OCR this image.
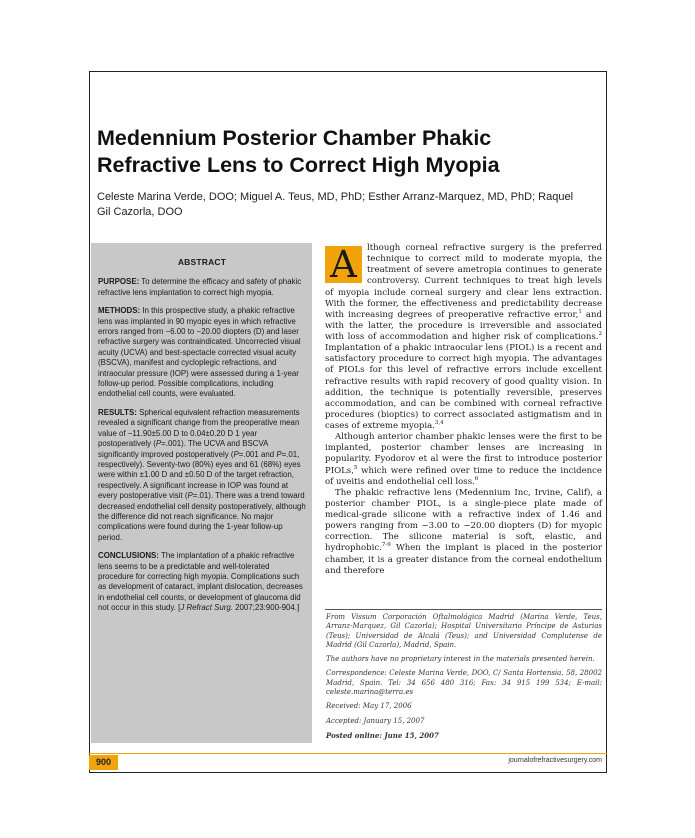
Medennium Posterior Chamber Phakic Refractive Lens to Correct High Myopia

Celeste Marina Verde, DOO; Miguel A. Teus, MD, PhD; Esther Arranz-Marquez, MD, PhD; Raquel Gil Cazorla, DOO

ABSTRACT

PURPOSE: To determine the efficacy and safety of phakic refractive lens implantation to correct high myopia.

METHODS: In this prospective study, a phakic refractive lens was implanted in 90 myopic eyes in which refractive errors ranged from −6.00 to −20.00 diopters (D) and laser refractive surgery was contraindicated. Uncorrected visual acuity (UCVA) and best-spectacle corrected visual acuity (BSCVA), manifest and cycloplegic refractions, and intraocular pressure (IOP) were assessed during a 1-year follow-up period. Possible complications, including endothelial cell counts, were evaluated.

RESULTS: Spherical equivalent refraction measurements revealed a significant change from the preoperative mean value of −11.90±5.00 D to 0.04±0.20 D 1 year postoperatively (P=.001). The UCVA and BSCVA significantly improved postoperatively (P=.001 and P=.01, respectively). Seventy-two (80%) eyes and 61 (68%) eyes were within ±1.00 D and ±0.50 D of the target refraction, respectively. A significant increase in IOP was found at every postoperative visit (P=.01). There was a trend toward decreased endothelial cell density postoperatively, although the difference did not reach significance. No major complications were found during the 1-year follow-up period.

CONCLUSIONS: The implantation of a phakic refractive lens seems to be a predictable and well-tolerated procedure for correcting high myopia. Complications such as development of cataract, implant dislocation, decreases in endothelial cell counts, or development of glaucoma did not occur in this study. [J Refract Surg. 2007;23:900-904.]

A	lthough corneal refractive surgery is the preferred technique to correct mild to moderate myopia, the treatment of severe ametropia continues to generate controversy. Current techniques to treat high levels of myopia include corneal surgery and clear lens extraction. With the former, the effectiveness and predictability decrease with increasing degrees of preoperative refractive error,$^1$ and with the latter, the procedure is irreversible and associated with loss of accommodation and higher risk of complications.$^2$ Implantation of a phakic intraocular lens (PIOL) is a recent and satisfactory procedure to correct high myopia. The advantages of PIOLs for this level of refractive errors include excellent refractive results with rapid recovery of good quality vision. In addition, the technique is potentially reversible, preserves accommodation, and can be combined with corneal refractive procedures (bioptics) to correct associated astigmatism and in cases of extreme myopia.$^{3,4}$

Although anterior chamber phakic lenses were the first to be implanted, posterior chamber lenses are increasing in popularity. Fyodorov et al were the first to introduce posterior PIOLs,$^5$ which were refined over time to reduce the incidence of uveitis and endothelial cell loss.$^6$

The phakic refractive lens (Medennium Inc, Irvine, Calif), a posterior chamber PIOL, is a single-piece plate made of medical-grade silicone with a refractive index of 1.46 and powers ranging from −3.00 to −20.00 diopters (D) for myopic correction. The silicone material is soft, elastic, and hydrophobic.$^{7-9}$ When the implant is placed in the posterior chamber, it is a greater distance from the corneal endothelium and therefore

From Vissum Corporación Oftalmológica Madrid (Marina Verde, Teus, Arranz-Marquez, Gil Cazorla); Hospital Universitario Príncipe de Asturias (Teus); Universidad de Alcalá (Teus); and Universidad Complutense de Madrid (Gil Cazorla), Madrid, Spain.

The authors have no proprietary interest in the materials presented herein.

Correspondence: Celeste Marina Verde, DOO, C/ Santa Hortensia, 58, 28002 Madrid, Spain. Tel: 34 656 480 316; Fax: 34 915 199 534; E-mail: celeste.marina@terra.es

Received: May 17, 2006

Accepted: January 15, 2007

Posted online: June 15, 2007

900	journalofrefractivesurgery.com
